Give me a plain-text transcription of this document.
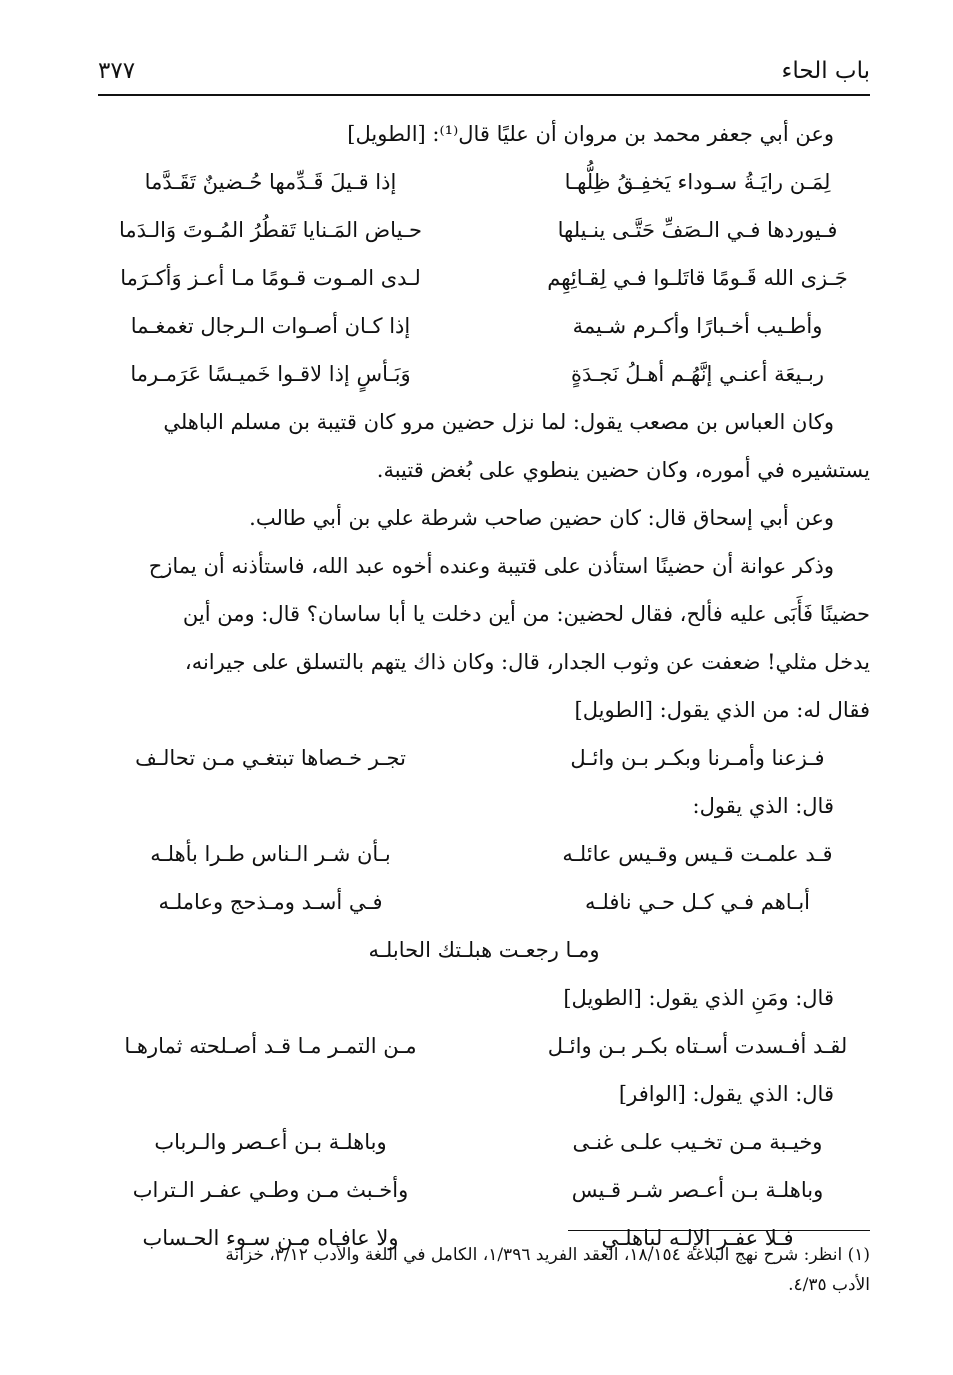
باب الحاء
٣٧٧
وعن أبي جعفر محمد بن مروان أن عليًا قال⁽¹⁾: [الطويل]
لِمَـن رايَـةُ سـوداء يَخفِـقُ ظِلُّهـا
إذا قـيلَ قَـدِّمها حُـضينٌ تَقَـدَّما
فـيوردها فـي الـصَفِّ حَتَّـى ينـيلها
حـياض المَـنايا تَقطُرُ المُـوتَ وَالـدَما
جَـزى الله قَـومًا قاتَلـوا فـي لِقـائِهِم
لـدى المـوت قـومًا مـا أعـز وَأكـرَما
وأطـيب أخـبارًا وأكـرم شـيمة
إذا كـان أصـوات الـرجال تغمغـما
ربـيعَة أعنـي إنَّهُـم أهـلُ نَجـدَةٍ
وَبَـأسٍ إذا لاقـوا خَميـسًا عَرَمـرما
وكان العباس بن مصعب يقول: لما نزل حضين مرو كان قتيبة بن مسلم الباهلي
يستشيره في أموره، وكان حضين ينطوي على بُغض قتيبة.
وعن أبي إسحاق قال: كان حضين صاحب شرطة علي بن أبي طالب.
وذكر عوانة أن حضينًا استأذن على قتيبة وعنده أخوه عبد الله، فاستأذنه أن يمازح
حضينًا فَأَبَى عليه فألح، فقال لحضين: من أين دخلت يا أبا ساسان؟ قال: ومن أين
يدخل مثلي! ضعفت عن وثوب الجدار، قال: وكان ذاك يتهم بالتسلق على جيرانه،
فقال له: من الذي يقول: [الطويل]
فـزعنا وأمـرنا وبكـر بـن وائـل
تجـر خـصاها تبتغـي مـن تحالـف
قال: الذي يقول:
قـد علمـت قـيس وقـيس عائلـه
بـأن شـر الـناس طـرا بأهلـه
أبـاهم فـي كـل حـي نافلـه
فـي أسـد ومـذحج وعاملـه
ومـا رجعـت هبلـتك الحابلـه
قال: ومَنِ الذي يقول: [الطويل]
لقـد أفـسدت أسـتاه بكـر بـن وائـل
مـن التمـر مـا قـد أصـلحته ثمارهـا
قال: الذي يقول: [الوافر]
وخيـبة مـن تخـيب علـى غنـى
وباهلـة بـن أعـصر والـرباب
وباهلـة بـن أعـصر شـر قـيس
وأخـبث مـن وطـي عفـر الـتراب
فـلا عفـر الإلـه لباهلـي
ولا عافـاه مـن سـوء الحـساب
(١) انظر: شرح نهج البلاغة ١٨/١٥٤، العقد الفريد ١/٣٩٦، الكامل في اللغة والأدب ٣/١٢، خزانة
الأدب ٤/٣٥.
